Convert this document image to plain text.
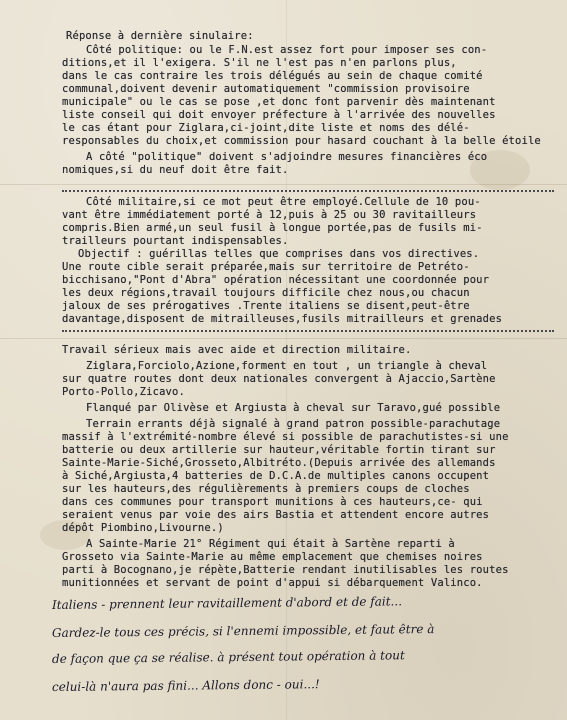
Réponse à dernière sinulaire:
Côté politique: ou le F.N.est assez fort pour imposer ses con-
ditions,et il l'exigera. S'il ne l'est pas n'en parlons plus,
dans le cas contraire les trois délégués au sein de chaque comité
communal,doivent devenir automatiquement "commission provisoire
municipale" ou le cas se pose ,et donc font parvenir dès maintenant
liste conseil qui doit envoyer préfecture à l'arrivée des nouvelles
le cas étant pour Ziglara,ci-joint,dite liste et noms des délé-
responsables du choix,et commission pour hasard couchant à la belle étoile
A côté "politique" doivent s'adjoindre mesures financières éco
nomiques,si du neuf doit être fait.
Côté militaire,si ce mot peut être employé.Cellule de 10 pou-
vant être immédiatement porté à 12,puis à 25 ou 30 ravitailleurs
compris.Bien armé,un seul fusil à longue portée,pas de fusils mi-
trailleurs pourtant indispensables.
Objectif : guérillas telles que comprises dans vos directives.
Une route cible serait préparée,mais sur territoire de Petréto-
bicchisano,"Pont d'Abra" opération nécessitant une coordonnée pour
les deux régions,travail toujours difficile chez nous,ou chacun
jaloux de ses prérogatives .Trente italiens se disent,peut-être
davantage,disposent de mitrailleuses,fusils mitrailleurs et grenades
Travail sérieux mais avec aide et direction militaire.
Ziglara,Forciolo,Azione,forment en tout , un triangle à cheval
sur quatre routes dont deux nationales convergent à Ajaccio,Sartène
Porto-Pollo,Zicavo.
Flanqué par Olivèse et Argiusta à cheval sur Taravo,gué possible
Terrain errants déjà signalé à grand patron possible-parachutage
massif à l'extrémité-nombre élevé si possible de parachutistes-si une
batterie ou deux artillerie sur hauteur,véritable fortin tirant sur
Sainte-Marie-Siché,Grosseto,Albitréto.(Depuis arrivée des allemands
à Siché,Argiusta,4 batteries de D.C.A.de multiples canons occupent
sur les hauteurs,des régulièrements à premiers coups de cloches
dans ces communes pour transport munitions à ces hauteurs,ce- qui
seraient venus par voie des airs Bastia et attendent encore autres
dépôt Piombino,Livourne.)
A Sainte-Marie 21° Régiment qui était à Sartène reparti à
Grosseto via Sainte-Marie au même emplacement que chemises noires
parti à Bocognano,je répète,Batterie rendant inutilisables les routes
munitionnées et servant de point d'appui si débarquement Valinco.
Italiens - prennent leur ravitaillement d'abord et de fait...
Gardez-le tous ces précis, si l'ennemi impossible, et faut être à
de façon que ça se réalise. à présent tout opération à tout
celui-là n'aura pas fini... Allons donc - oui...!
